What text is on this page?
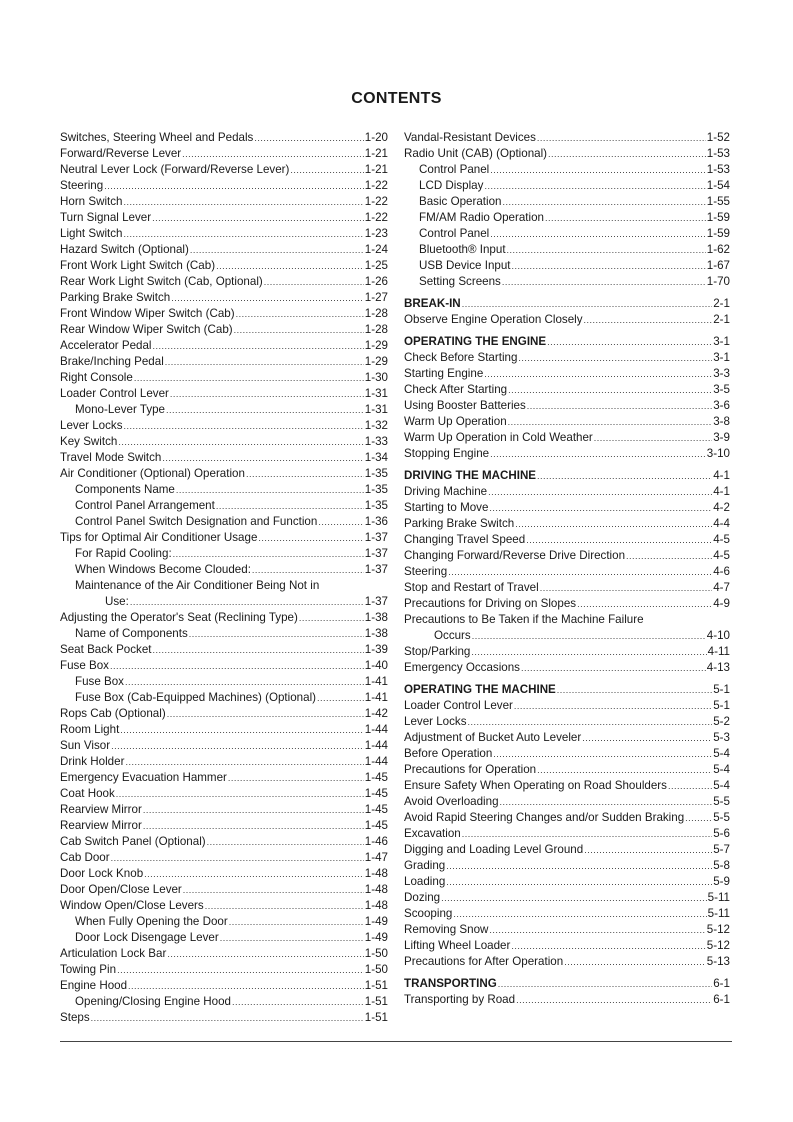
CONTENTS
Switches, Steering Wheel and Pedals .....	1-20
Forward/Reverse Lever .....	1-21
Neutral Lever Lock (Forward/Reverse Lever) .....	1-21
Steering .....	1-22
Horn Switch .....	1-22
Turn Signal Lever .....	1-22
Light Switch .....	1-23
Hazard Switch (Optional) .....	1-24
Front Work Light Switch (Cab) .....	1-25
Rear Work Light Switch (Cab, Optional) .....	1-26
Parking Brake Switch .....	1-27
Front Window Wiper Switch (Cab) .....	1-28
Rear Window Wiper Switch (Cab) .....	1-28
Accelerator Pedal .....	1-29
Brake/Inching Pedal .....	1-29
Right Console .....	1-30
Loader Control Lever .....	1-31
Mono-Lever Type .....	1-31
Lever Locks .....	1-32
Key Switch .....	1-33
Travel Mode Switch .....	1-34
Air Conditioner (Optional) Operation .....	1-35
Components Name .....	1-35
Control Panel Arrangement .....	1-35
Control Panel Switch Designation and Function .....	1-36
Tips for Optimal Air Conditioner Usage .....	1-37
For Rapid Cooling: .....	1-37
When Windows Become Clouded: .....	1-37
Maintenance of the Air Conditioner Being Not in
Use: .....	1-37
Adjusting the Operator's Seat (Reclining Type) .....	1-38
Name of Components .....	1-38
Seat Back Pocket .....	1-39
Fuse Box .....	1-40
Fuse Box .....	1-41
Fuse Box (Cab-Equipped Machines) (Optional) .....	1-41
Rops Cab (Optional) .....	1-42
Room Light .....	1-44
Sun Visor .....	1-44
Drink Holder .....	1-44
Emergency Evacuation Hammer .....	1-45
Coat Hook .....	1-45
Rearview Mirror .....	1-45
Rearview Mirror .....	1-45
Cab Switch Panel (Optional) .....	1-46
Cab Door .....	1-47
Door Lock Knob .....	1-48
Door Open/Close Lever .....	1-48
Window Open/Close Levers .....	1-48
When Fully Opening the Door .....	1-49
Door Lock Disengage Lever .....	1-49
Articulation Lock Bar .....	1-50
Towing Pin .....	1-50
Engine Hood .....	1-51
Opening/Closing Engine Hood .....	1-51
Steps .....	1-51
Vandal-Resistant Devices .....	1-52
Radio Unit (CAB) (Optional) .....	1-53
Control Panel .....	1-53
LCD Display .....	1-54
Basic Operation .....	1-55
FM/AM Radio Operation .....	1-59
Control Panel .....	1-59
Bluetooth® Input .....	1-62
USB Device Input .....	1-67
Setting Screens .....	1-70
BREAK-IN .....	2-1
Observe Engine Operation Closely .....	2-1
OPERATING THE ENGINE .....	3-1
Check Before Starting .....	3-1
Starting Engine .....	3-3
Check After Starting .....	3-5
Using Booster Batteries .....	3-6
Warm Up Operation .....	3-8
Warm Up Operation in Cold Weather .....	3-9
Stopping Engine .....	3-10
DRIVING THE MACHINE .....	4-1
Driving Machine .....	4-1
Starting to Move .....	4-2
Parking Brake Switch .....	4-4
Changing Travel Speed .....	4-5
Changing Forward/Reverse Drive Direction .....	4-5
Steering .....	4-6
Stop and Restart of Travel .....	4-7
Precautions for Driving on Slopes .....	4-9
Precautions to Be Taken if the Machine Failure
Occurs .....	4-10
Stop/Parking .....	4-11
Emergency Occasions .....	4-13
OPERATING THE MACHINE .....	5-1
Loader Control Lever .....	5-1
Lever Locks .....	5-2
Adjustment of Bucket Auto Leveler .....	5-3
Before Operation .....	5-4
Precautions for Operation .....	5-4
Ensure Safety When Operating on Road Shoulders .....	5-4
Avoid Overloading .....	5-5
Avoid Rapid Steering Changes and/or Sudden Braking .....	5-5
Excavation .....	5-6
Digging and Loading Level Ground .....	5-7
Grading .....	5-8
Loading .....	5-9
Dozing .....	5-11
Scooping .....	5-11
Removing Snow .....	5-12
Lifting Wheel Loader .....	5-12
Precautions for After Operation .....	5-13
TRANSPORTING .....	6-1
Transporting by Road .....	6-1
